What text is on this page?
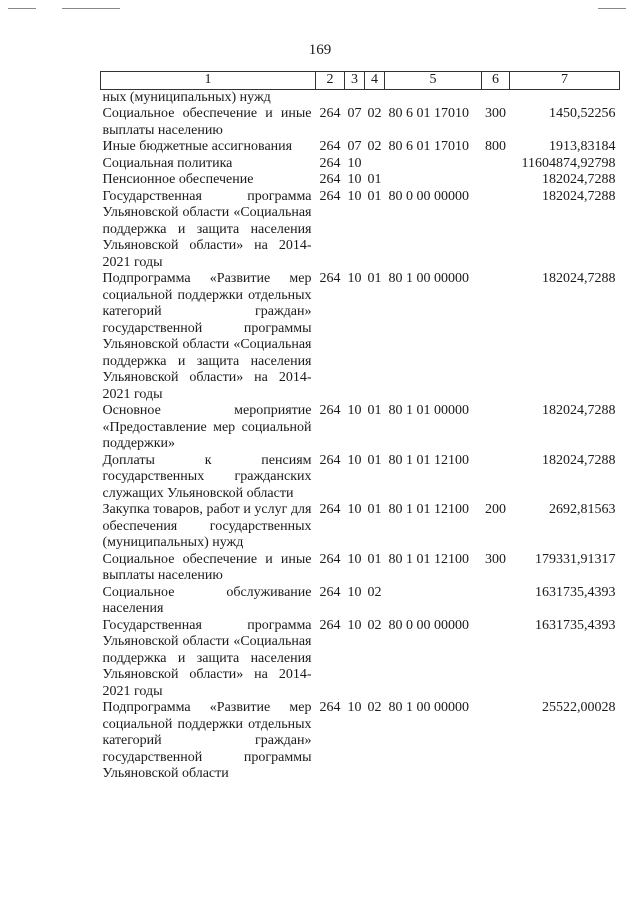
169
1	2	3	4	5	6	7
ных (муниципальных) нужд						
Социальное обеспечение и иные выплаты населению	264	07	02	80 6 01 17010	300	1450,52256
Иные бюджетные ассигнования	264	07	02	80 6 01 17010	800	1913,83184
Социальная политика	264	10				11604874,92798
Пенсионное обеспечение	264	10	01			182024,7288
Государственная программа Ульяновской области «Социальная поддержка и защита населения Ульяновской области» на 2014-2021 годы	264	10	01	80 0 00 00000		182024,7288
Подпрограмма «Развитие мер социальной поддержки отдельных категорий граждан» государственной программы Ульяновской области «Социальная поддержка и защита населения Ульяновской области» на 2014-2021 годы	264	10	01	80 1 00 00000		182024,7288
Основное мероприятие «Предоставление мер социальной поддержки»	264	10	01	80 1 01 00000		182024,7288
Доплаты к пенсиям государственных гражданских служащих Ульяновской области	264	10	01	80 1 01 12100		182024,7288
Закупка товаров, работ и услуг для обеспечения государственных (муниципальных) нужд	264	10	01	80 1 01 12100	200	2692,81563
Социальное обеспечение и иные выплаты населению	264	10	01	80 1 01 12100	300	179331,91317
Социальное обслуживание населения	264	10	02			1631735,4393
Государственная программа Ульяновской области «Социальная поддержка и защита населения Ульяновской области» на 2014-2021 годы	264	10	02	80 0 00 00000		1631735,4393
Подпрограмма «Развитие мер социальной поддержки отдельных категорий граждан» государственной программы Ульяновской области	264	10	02	80 1 00 00000		25522,00028
